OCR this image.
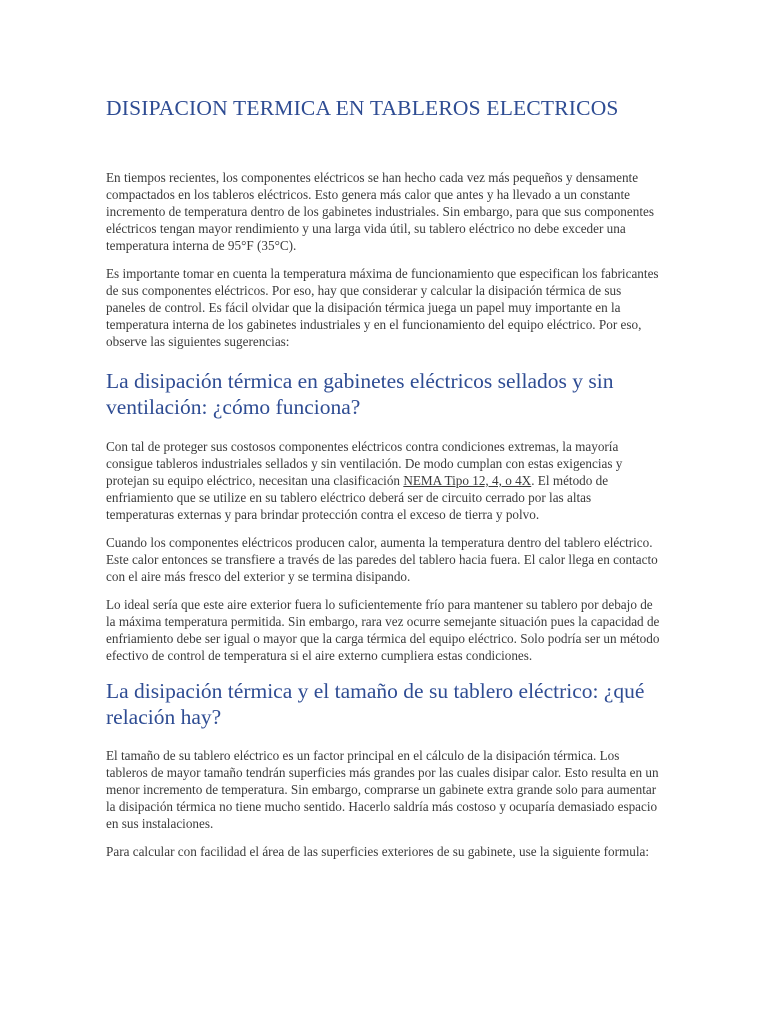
DISIPACION TERMICA EN TABLEROS ELECTRICOS

En tiempos recientes, los componentes eléctricos se han hecho cada vez más pequeños y densamente compactados en los tableros eléctricos. Esto genera más calor que antes y ha llevado a un constante incremento de temperatura dentro de los gabinetes industriales. Sin embargo, para que sus componentes eléctricos tengan mayor rendimiento y una larga vida útil, su tablero eléctrico no debe exceder una temperatura interna de 95°F (35°C).

Es importante tomar en cuenta la temperatura máxima de funcionamiento que especifican los fabricantes de sus componentes eléctricos. Por eso, hay que considerar y calcular la disipación térmica de sus paneles de control. Es fácil olvidar que la disipación térmica juega un papel muy importante en la temperatura interna de los gabinetes industriales y en el funcionamiento del equipo eléctrico. Por eso, observe las siguientes sugerencias:

La disipación térmica en gabinetes eléctricos sellados y sin ventilación: ¿cómo funciona?

Con tal de proteger sus costosos componentes eléctricos contra condiciones extremas, la mayoría consigue tableros industriales sellados y sin ventilación. De modo cumplan con estas exigencias y protejan su equipo eléctrico, necesitan una clasificación NEMA Tipo 12, 4, o 4X. El método de enfriamiento que se utilize en su tablero eléctrico deberá ser de circuito cerrado por las altas temperaturas externas y para brindar protección contra el exceso de tierra y polvo.

Cuando los componentes eléctricos producen calor, aumenta la temperatura dentro del tablero eléctrico. Este calor entonces se transfiere a través de las paredes del tablero hacia fuera. El calor llega en contacto con el aire más fresco del exterior y se termina disipando.

Lo ideal sería que este aire exterior fuera lo suficientemente frío para mantener su tablero por debajo de la máxima temperatura permitida. Sin embargo, rara vez ocurre semejante situación pues la capacidad de enfriamiento debe ser igual o mayor que la carga térmica del equipo eléctrico. Solo podría ser un método efectivo de control de temperatura si el aire externo cumpliera estas condiciones.

La disipación térmica y el tamaño de su tablero eléctrico: ¿qué relación hay?

El tamaño de su tablero eléctrico es un factor principal en el cálculo de la disipación térmica. Los tableros de mayor tamaño tendrán superficies más grandes por las cuales disipar calor. Esto resulta en un menor incremento de temperatura. Sin embargo, comprarse un gabinete extra grande solo para aumentar la disipación térmica no tiene mucho sentido. Hacerlo saldría más costoso y ocuparía demasiado espacio en sus instalaciones.

Para calcular con facilidad el área de las superficies exteriores de su gabinete, use la siguiente formula:
